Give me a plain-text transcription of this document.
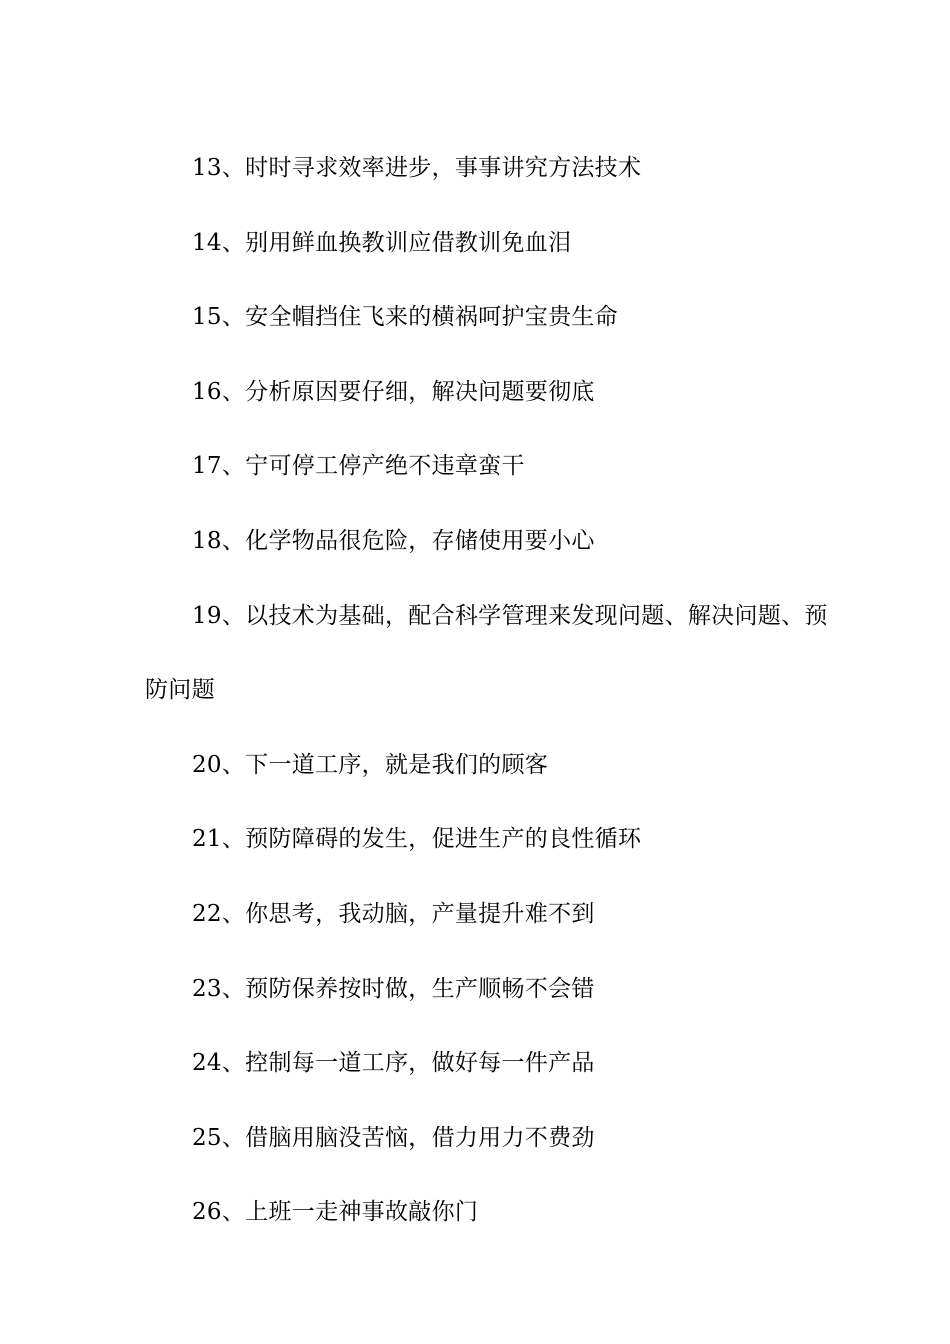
13、时时寻求效率进步，事事讲究方法技术

14、别用鲜血换教训应借教训免血泪

15、安全帽挡住飞来的横祸呵护宝贵生命

16、分析原因要仔细，解决问题要彻底

17、宁可停工停产绝不违章蛮干

18、化学物品很危险，存储使用要小心

19、以技术为基础，配合科学管理来发现问题、解决问题、预防问题

20、下一道工序，就是我们的顾客

21、预防障碍的发生，促进生产的良性循环

22、你思考，我动脑，产量提升难不到

23、预防保养按时做，生产顺畅不会错

24、控制每一道工序，做好每一件产品

25、借脑用脑没苦恼，借力用力不费劲

26、上班一走神事故敲你门
